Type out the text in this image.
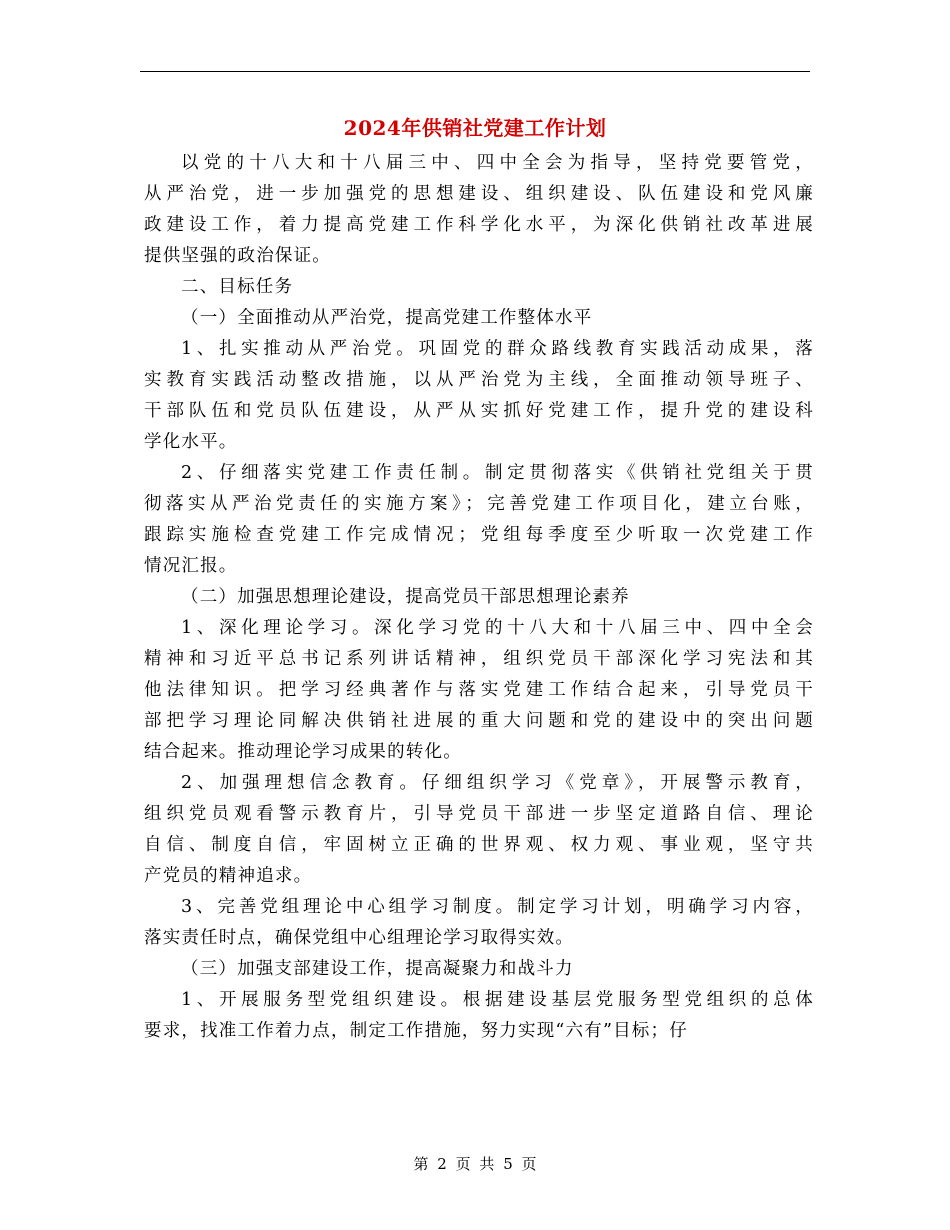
2024年供销社党建工作计划
以党的十八大和十八届三中、四中全会为指导，坚持党要管党，
从严治党，进一步加强党的思想建设、组织建设、队伍建设和党风廉
政建设工作，着力提高党建工作科学化水平，为深化供销社改革进展
提供坚强的政治保证。
二、目标任务
（一）全面推动从严治党，提高党建工作整体水平
1、扎实推动从严治党。巩固党的群众路线教育实践活动成果，落
实教育实践活动整改措施，以从严治党为主线，全面推动领导班子、
干部队伍和党员队伍建设，从严从实抓好党建工作，提升党的建设科
学化水平。
2、仔细落实党建工作责任制。制定贯彻落实《供销社党组关于贯
彻落实从严治党责任的实施方案》；完善党建工作项目化，建立台账，
跟踪实施检查党建工作完成情况；党组每季度至少听取一次党建工作
情况汇报。
（二）加强思想理论建设，提高党员干部思想理论素养
1、深化理论学习。深化学习党的十八大和十八届三中、四中全会
精神和习近平总书记系列讲话精神，组织党员干部深化学习宪法和其
他法律知识。把学习经典著作与落实党建工作结合起来，引导党员干
部把学习理论同解决供销社进展的重大问题和党的建设中的突出问题
结合起来。推动理论学习成果的转化。
2、加强理想信念教育。仔细组织学习《党章》，开展警示教育，
组织党员观看警示教育片，引导党员干部进一步坚定道路自信、理论
自信、制度自信，牢固树立正确的世界观、权力观、事业观，坚守共
产党员的精神追求。
3、完善党组理论中心组学习制度。制定学习计划，明确学习内容，
落实责任时点，确保党组中心组理论学习取得实效。
（三）加强支部建设工作，提高凝聚力和战斗力
1、开展服务型党组织建设。根据建设基层党服务型党组织的总体
要求，找准工作着力点，制定工作措施，努力实现“六有”目标；仔
第 2 页 共 5 页
